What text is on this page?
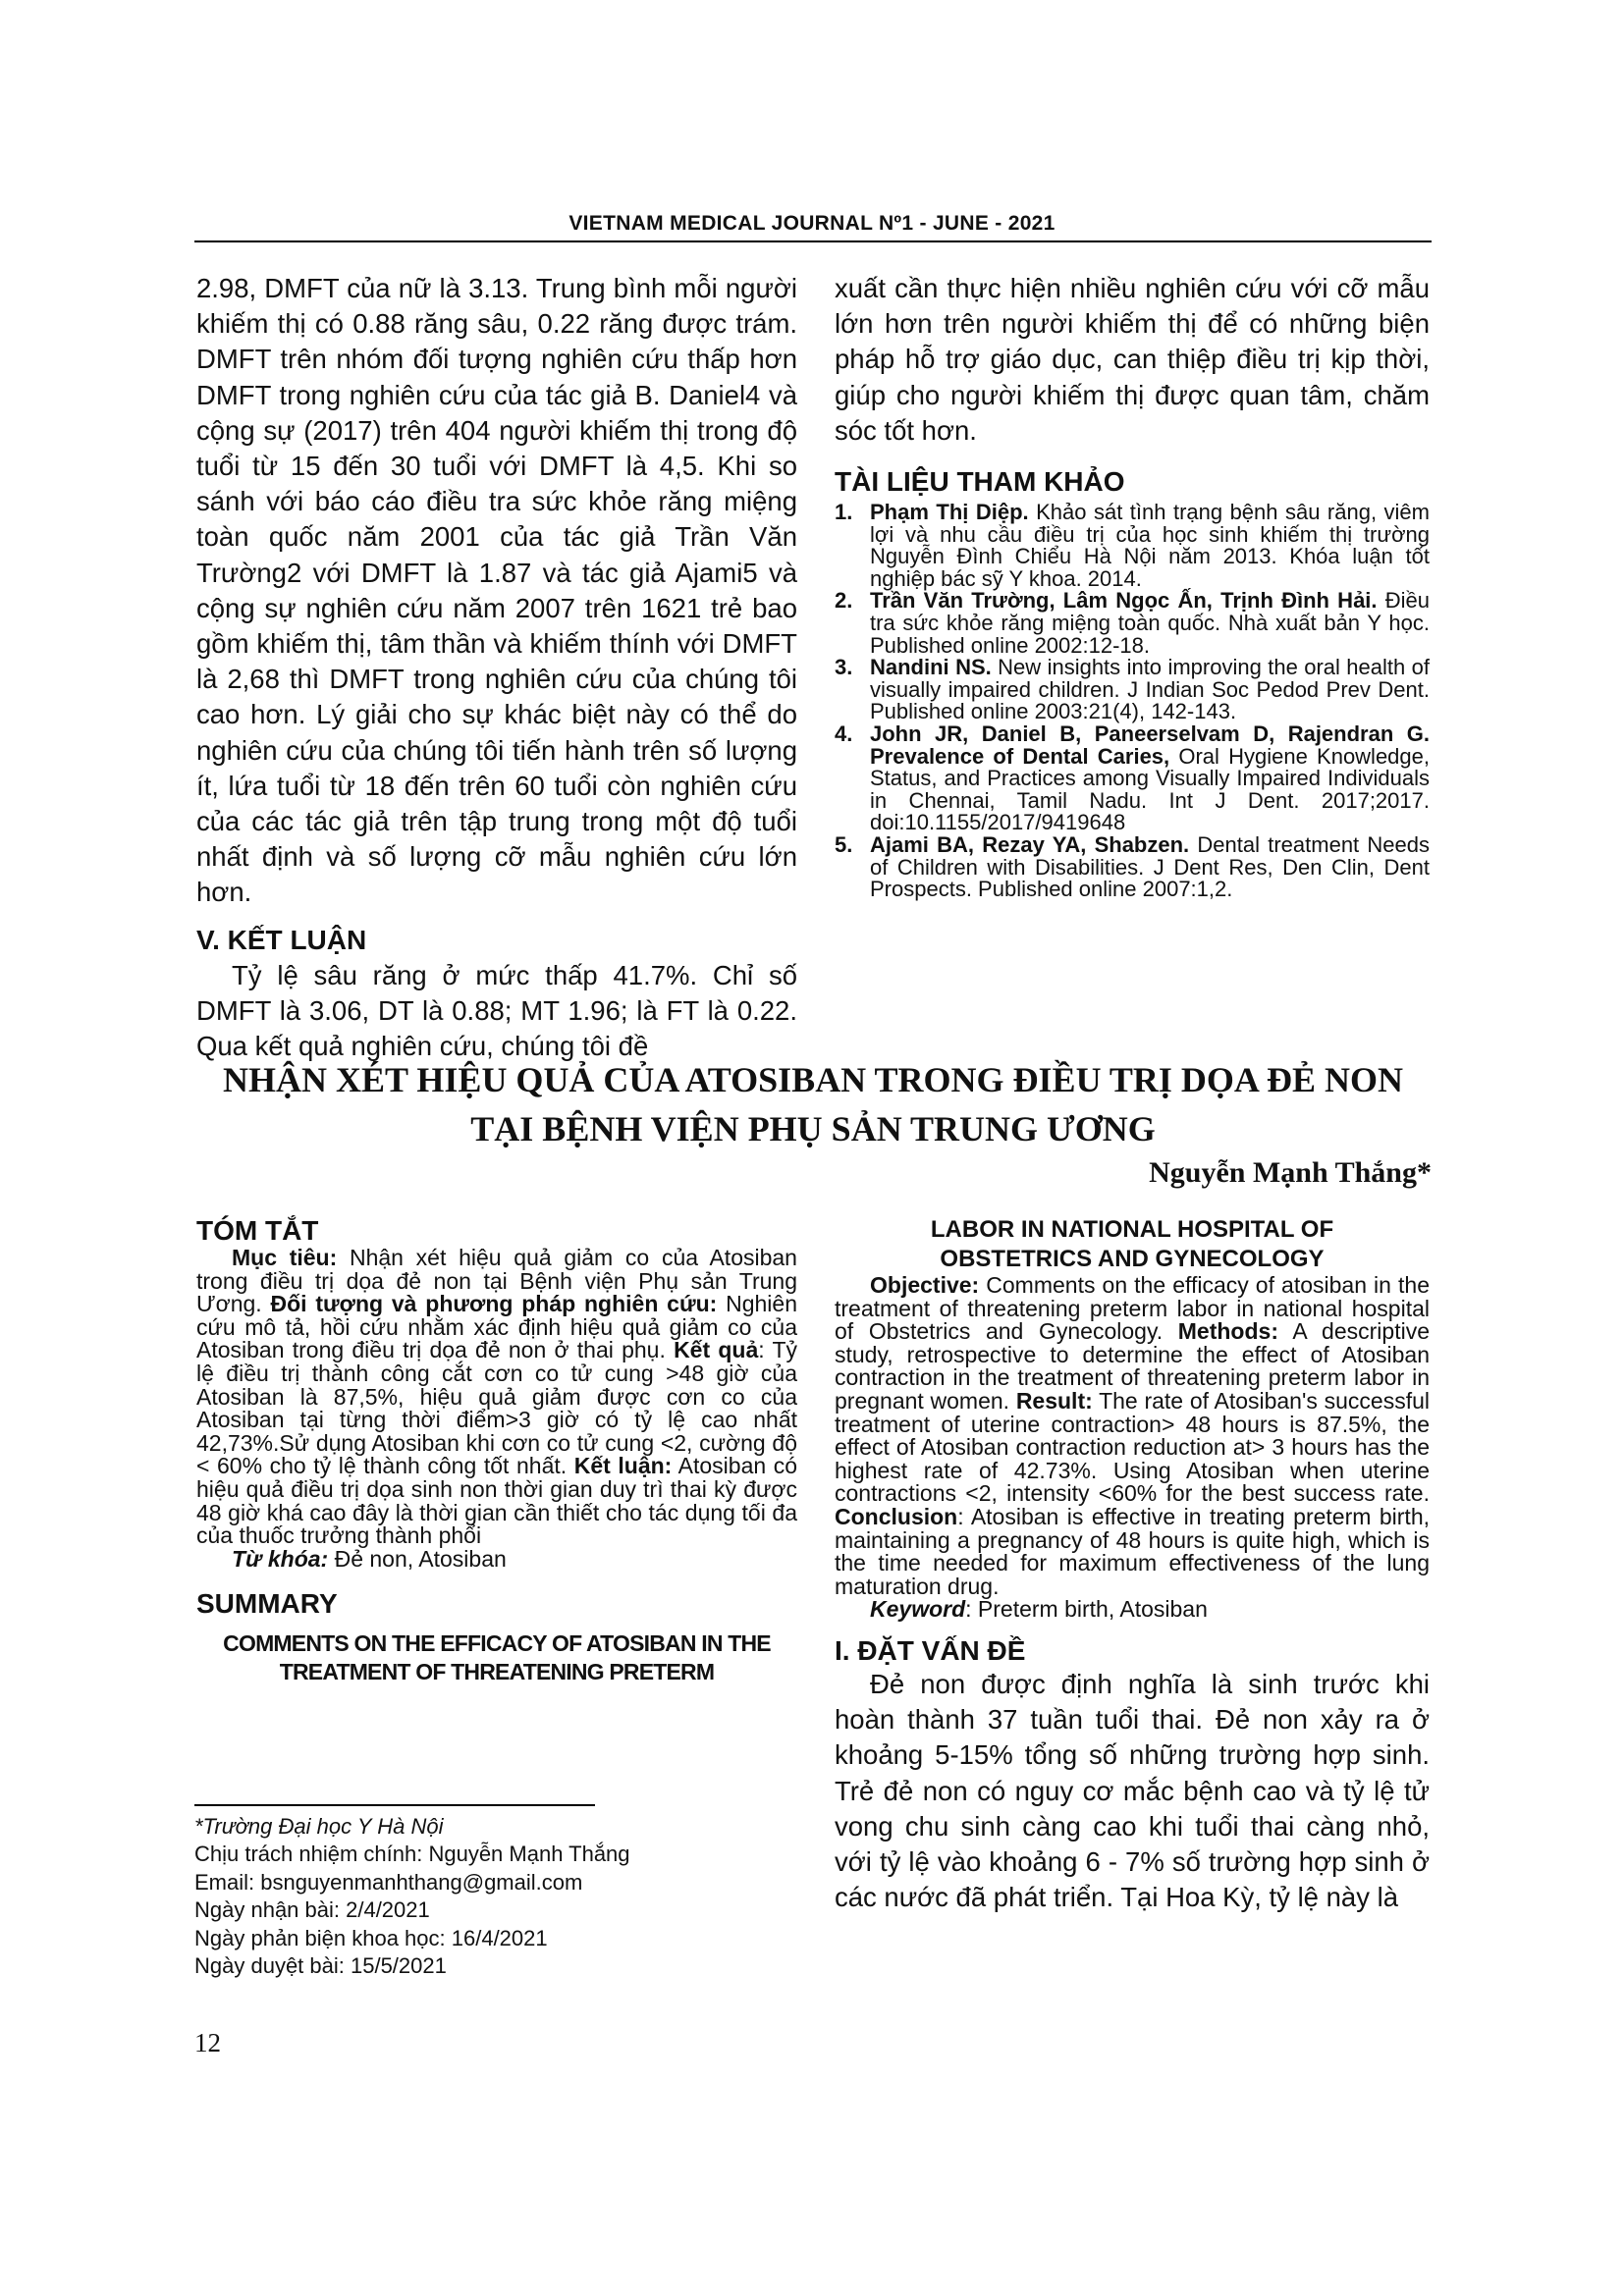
VIETNAM MEDICAL JOURNAL Nº1 - JUNE - 2021

2.98, DMFT của nữ là 3.13. Trung bình mỗi người khiếm thị có 0.88 răng sâu, 0.22 răng được trám. DMFT trên nhóm đối tượng nghiên cứu thấp hơn DMFT trong nghiên cứu của tác giả B. Daniel4 và cộng sự (2017) trên 404 người khiếm thị trong độ tuổi từ 15 đến 30 tuổi với DMFT là 4,5. Khi so sánh với báo cáo điều tra sức khỏe răng miệng toàn quốc năm 2001 của tác giả Trần Văn Trường2 với DMFT là 1.87 và tác giả Ajami5 và cộng sự nghiên cứu năm 2007 trên 1621 trẻ bao gồm khiếm thị, tâm thần và khiếm thính với DMFT là 2,68 thì DMFT trong nghiên cứu của chúng tôi cao hơn. Lý giải cho sự khác biệt này có thể do nghiên cứu của chúng tôi tiến hành trên số lượng ít, lứa tuổi từ 18 đến trên 60 tuổi còn nghiên cứu của các tác giả trên tập trung trong một độ tuổi nhất định và số lượng cỡ mẫu nghiên cứu lớn hơn.

V. KẾT LUẬN

Tỷ lệ sâu răng ở mức thấp 41.7%. Chỉ số DMFT là 3.06, DT là 0.88; MT 1.96; là FT là 0.22. Qua kết quả nghiên cứu, chúng tôi đề

xuất cần thực hiện nhiều nghiên cứu với cỡ mẫu lớn hơn trên người khiếm thị để có những biện pháp hỗ trợ giáo dục, can thiệp điều trị kịp thời, giúp cho người khiếm thị được quan tâm, chăm sóc tốt hơn.

TÀI LIỆU THAM KHẢO

1. Phạm Thị Diệp. Khảo sát tình trạng bệnh sâu răng, viêm lợi và nhu cầu điều trị của học sinh khiếm thị trường Nguyễn Đình Chiểu Hà Nội năm 2013. Khóa luận tốt nghiệp bác sỹ Y khoa. 2014.

2. Trần Văn Trường, Lâm Ngọc Ấn, Trịnh Đình Hải. Điều tra sức khỏe răng miệng toàn quốc. Nhà xuất bản Y học. Published online 2002:12-18.

3. Nandini NS. New insights into improving the oral health of visually impaired children. J Indian Soc Pedod Prev Dent. Published online 2003:21(4), 142-143.

4. John JR, Daniel B, Paneerselvam D, Rajendran G. Prevalence of Dental Caries, Oral Hygiene Knowledge, Status, and Practices among Visually Impaired Individuals in Chennai, Tamil Nadu. Int J Dent. 2017;2017. doi:10.1155/2017/9419648

5. Ajami BA, Rezay YA, Shabzen. Dental treatment Needs of Children with Disabilities. J Dent Res, Den Clin, Dent Prospects. Published online 2007:1,2.

NHẬN XÉT HIỆU QUẢ CỦA ATOSIBAN TRONG ĐIỀU TRỊ DỌA ĐẺ NON
TẠI BỆNH VIỆN PHỤ SẢN TRUNG ƯƠNG
Nguyễn Mạnh Thắng*

TÓM TẮT

Mục tiêu: Nhận xét hiệu quả giảm co của Atosiban trong điều trị dọa đẻ non tại Bệnh viện Phụ sản Trung Ương. Đối tượng và phương pháp nghiên cứu: Nghiên cứu mô tả, hồi cứu nhằm xác định hiệu quả giảm co của Atosiban trong điều trị dọa đẻ non ở thai phụ. Kết quả: Tỷ lệ điều trị thành công cắt cơn co tử cung >48 giờ của Atosiban là 87,5%, hiệu quả giảm được cơn co của Atosiban tại từng thời điểm>3 giờ có tỷ lệ cao nhất 42,73%.Sử dụng Atosiban khi cơn co tử cung <2, cường độ < 60% cho tỷ lệ thành công tốt nhất. Kết luận: Atosiban có hiệu quả điều trị dọa sinh non thời gian duy trì thai kỳ được 48 giờ khá cao đây là thời gian cần thiết cho tác dụng tối đa của thuốc trưởng thành phổi

Từ khóa: Đẻ non, Atosiban

SUMMARY

COMMENTS ON THE EFFICACY OF ATOSIBAN IN THE TREATMENT OF THREATENING PRETERM

LABOR IN NATIONAL HOSPITAL OF OBSTETRICS AND GYNECOLOGY

Objective: Comments on the efficacy of atosiban in the treatment of threatening preterm labor in national hospital of Obstetrics and Gynecology. Methods: A descriptive study, retrospective to determine the effect of Atosiban contraction in the treatment of threatening preterm labor in pregnant women. Result: The rate of Atosiban's successful treatment of uterine contraction> 48 hours is 87.5%, the effect of Atosiban contraction reduction at> 3 hours has the highest rate of 42.73%. Using Atosiban when uterine contractions <2, intensity <60% for the best success rate. Conclusion: Atosiban is effective in treating preterm birth, maintaining a pregnancy of 48 hours is quite high, which is the time needed for maximum effectiveness of the lung maturation drug.

Keyword: Preterm birth, Atosiban

I. ĐẶT VẤN ĐỀ

Đẻ non được định nghĩa là sinh trước khi hoàn thành 37 tuần tuổi thai. Đẻ non xảy ra ở khoảng 5-15% tổng số những trường hợp sinh. Trẻ đẻ non có nguy cơ mắc bệnh cao và tỷ lệ tử vong chu sinh càng cao khi tuổi thai càng nhỏ, với tỷ lệ vào khoảng 6 - 7% số trường hợp sinh ở các nước đã phát triển. Tại Hoa Kỳ, tỷ lệ này là

*Trường Đại học Y Hà Nội

Chịu trách nhiệm chính: Nguyễn Mạnh Thắng

Email: bsnguyenmanhthang@gmail.com

Ngày nhận bài: 2/4/2021

Ngày phản biện khoa học: 16/4/2021

Ngày duyệt bài: 15/5/2021

12
